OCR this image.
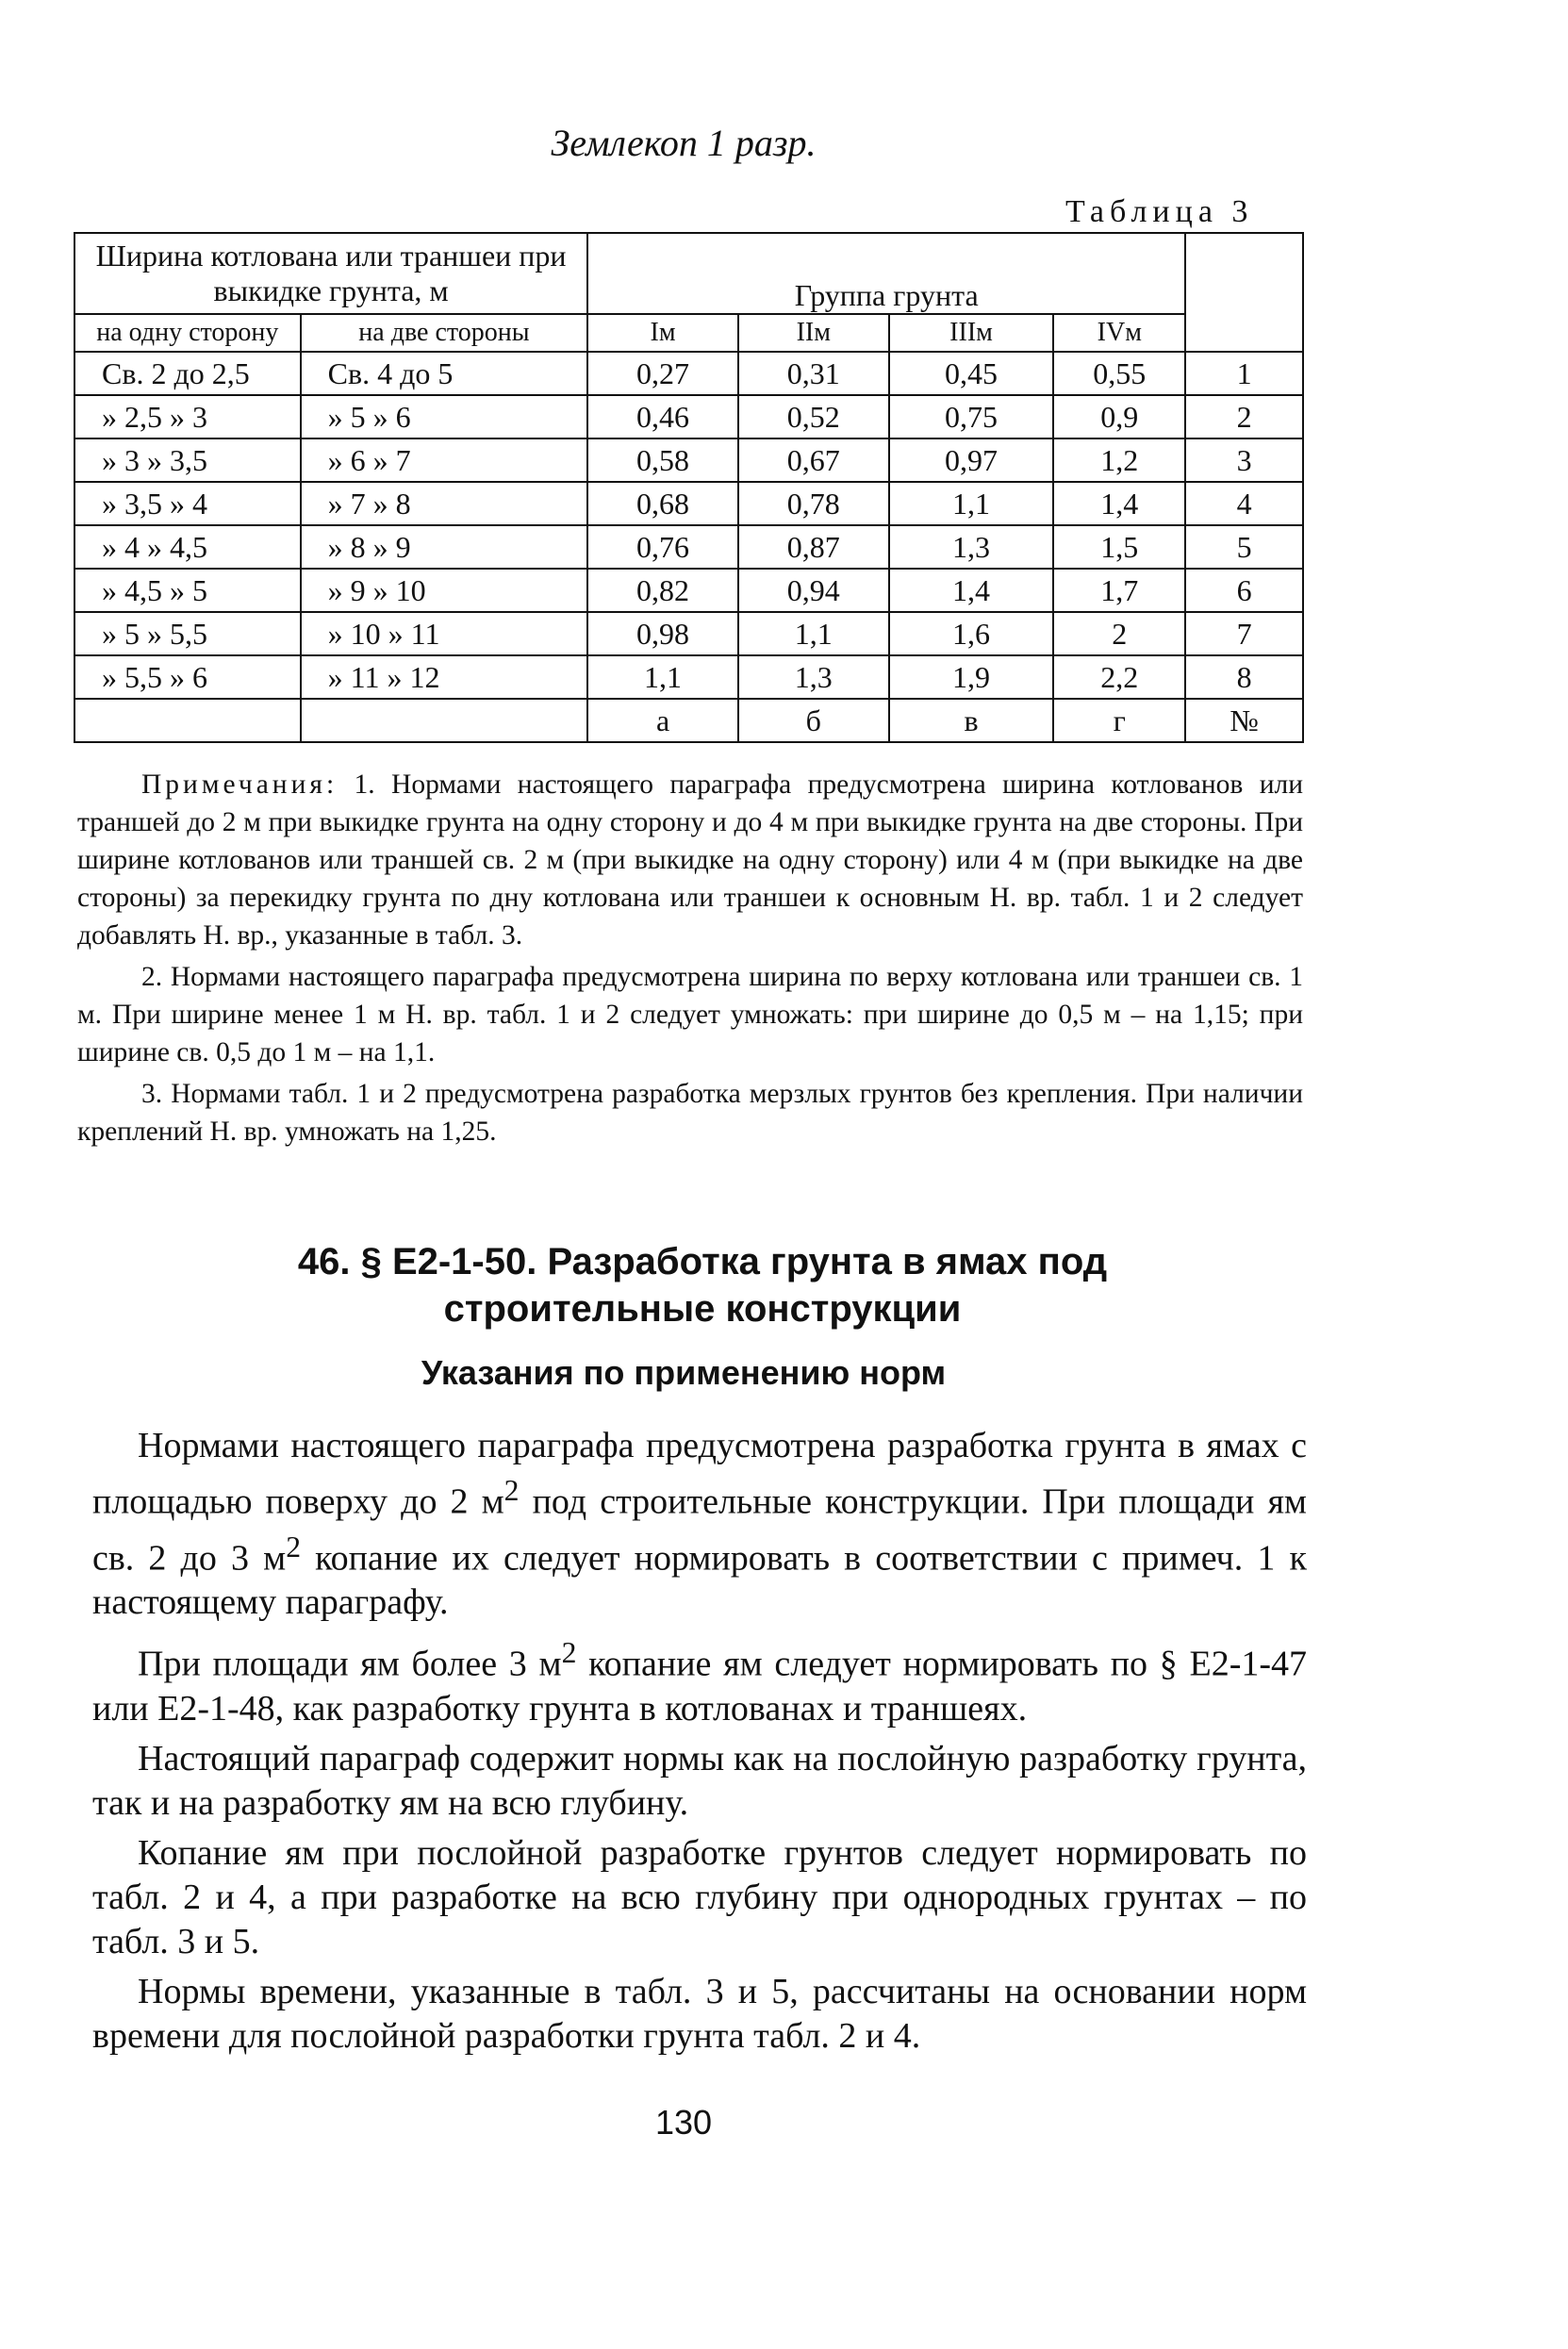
Землекоп 1 разр.
Таблица 3
Ширина котлована или траншеи при выкидке грунта, м		Группа грунта				
на одну сторону	на две стороны	Iм	IIм	IIIм	IVм	
Св. 2 до 2,5	Св. 4 до 5	0,27	0,31	0,45	0,55	1
» 2,5 » 3	» 5 » 6	0,46	0,52	0,75	0,9	2
» 3 » 3,5	» 6 » 7	0,58	0,67	0,97	1,2	3
» 3,5 » 4	» 7 » 8	0,68	0,78	1,1	1,4	4
» 4 » 4,5	» 8 » 9	0,76	0,87	1,3	1,5	5
» 4,5 » 5	» 9 » 10	0,82	0,94	1,4	1,7	6
» 5 » 5,5	» 10 » 11	0,98	1,1	1,6	2	7
» 5,5 » 6	» 11 » 12	1,1	1,3	1,9	2,2	8
		а	б	в	г	№

Примечания: 1. Нормами настоящего параграфа предусмотрена ширина котлованов или траншей до 2 м при выкидке грунта на одну сторону и до 4 м при выкидке грунта на две стороны. При ширине котлованов или траншей св. 2 м (при выкидке на одну сторону) или 4 м (при выкидке на две стороны) за перекидку грунта по дну котлована или траншеи к основным Н. вр. табл. 1 и 2 следует добавлять Н. вр., указанные в табл. 3.

2. Нормами настоящего параграфа предусмотрена ширина по верху котлована или траншеи св. 1 м. При ширине менее 1 м Н. вр. табл. 1 и 2 следует умножать: при ширине до 0,5 м – на 1,15; при ширине св. 0,5 до 1 м – на 1,1.

3. Нормами табл. 1 и 2 предусмотрена разработка мерзлых грунтов без крепления. При наличии креплений Н. вр. умножать на 1,25.

46. § Е2-1-50. Разработка грунта в ямах под строительные конструкции
Указания по применению норм

Нормами настоящего параграфа предусмотрена разработка грунта в ямах с площадью поверху до 2 $м^2$ под строительные конструкции. При площади ям св. 2 до 3 $м^2$ копание их следует нормировать в соответствии с примеч. 1 к настоящему параграфу.

При площади ям более 3 $м^2$ копание ям следует нормировать по § Е2-1-47 или Е2-1-48, как разработку грунта в котлованах и траншеях.

Настоящий параграф содержит нормы как на послойную разработку грунта, так и на разработку ям на всю глубину.

Копание ям при послойной разработке грунтов следует нормировать по табл. 2 и 4, а при разработке на всю глубину при однородных грунтах – по табл. 3 и 5.

Нормы времени, указанные в табл. 3 и 5, рассчитаны на основании норм времени для послойной разработки грунта табл. 2 и 4.

130
